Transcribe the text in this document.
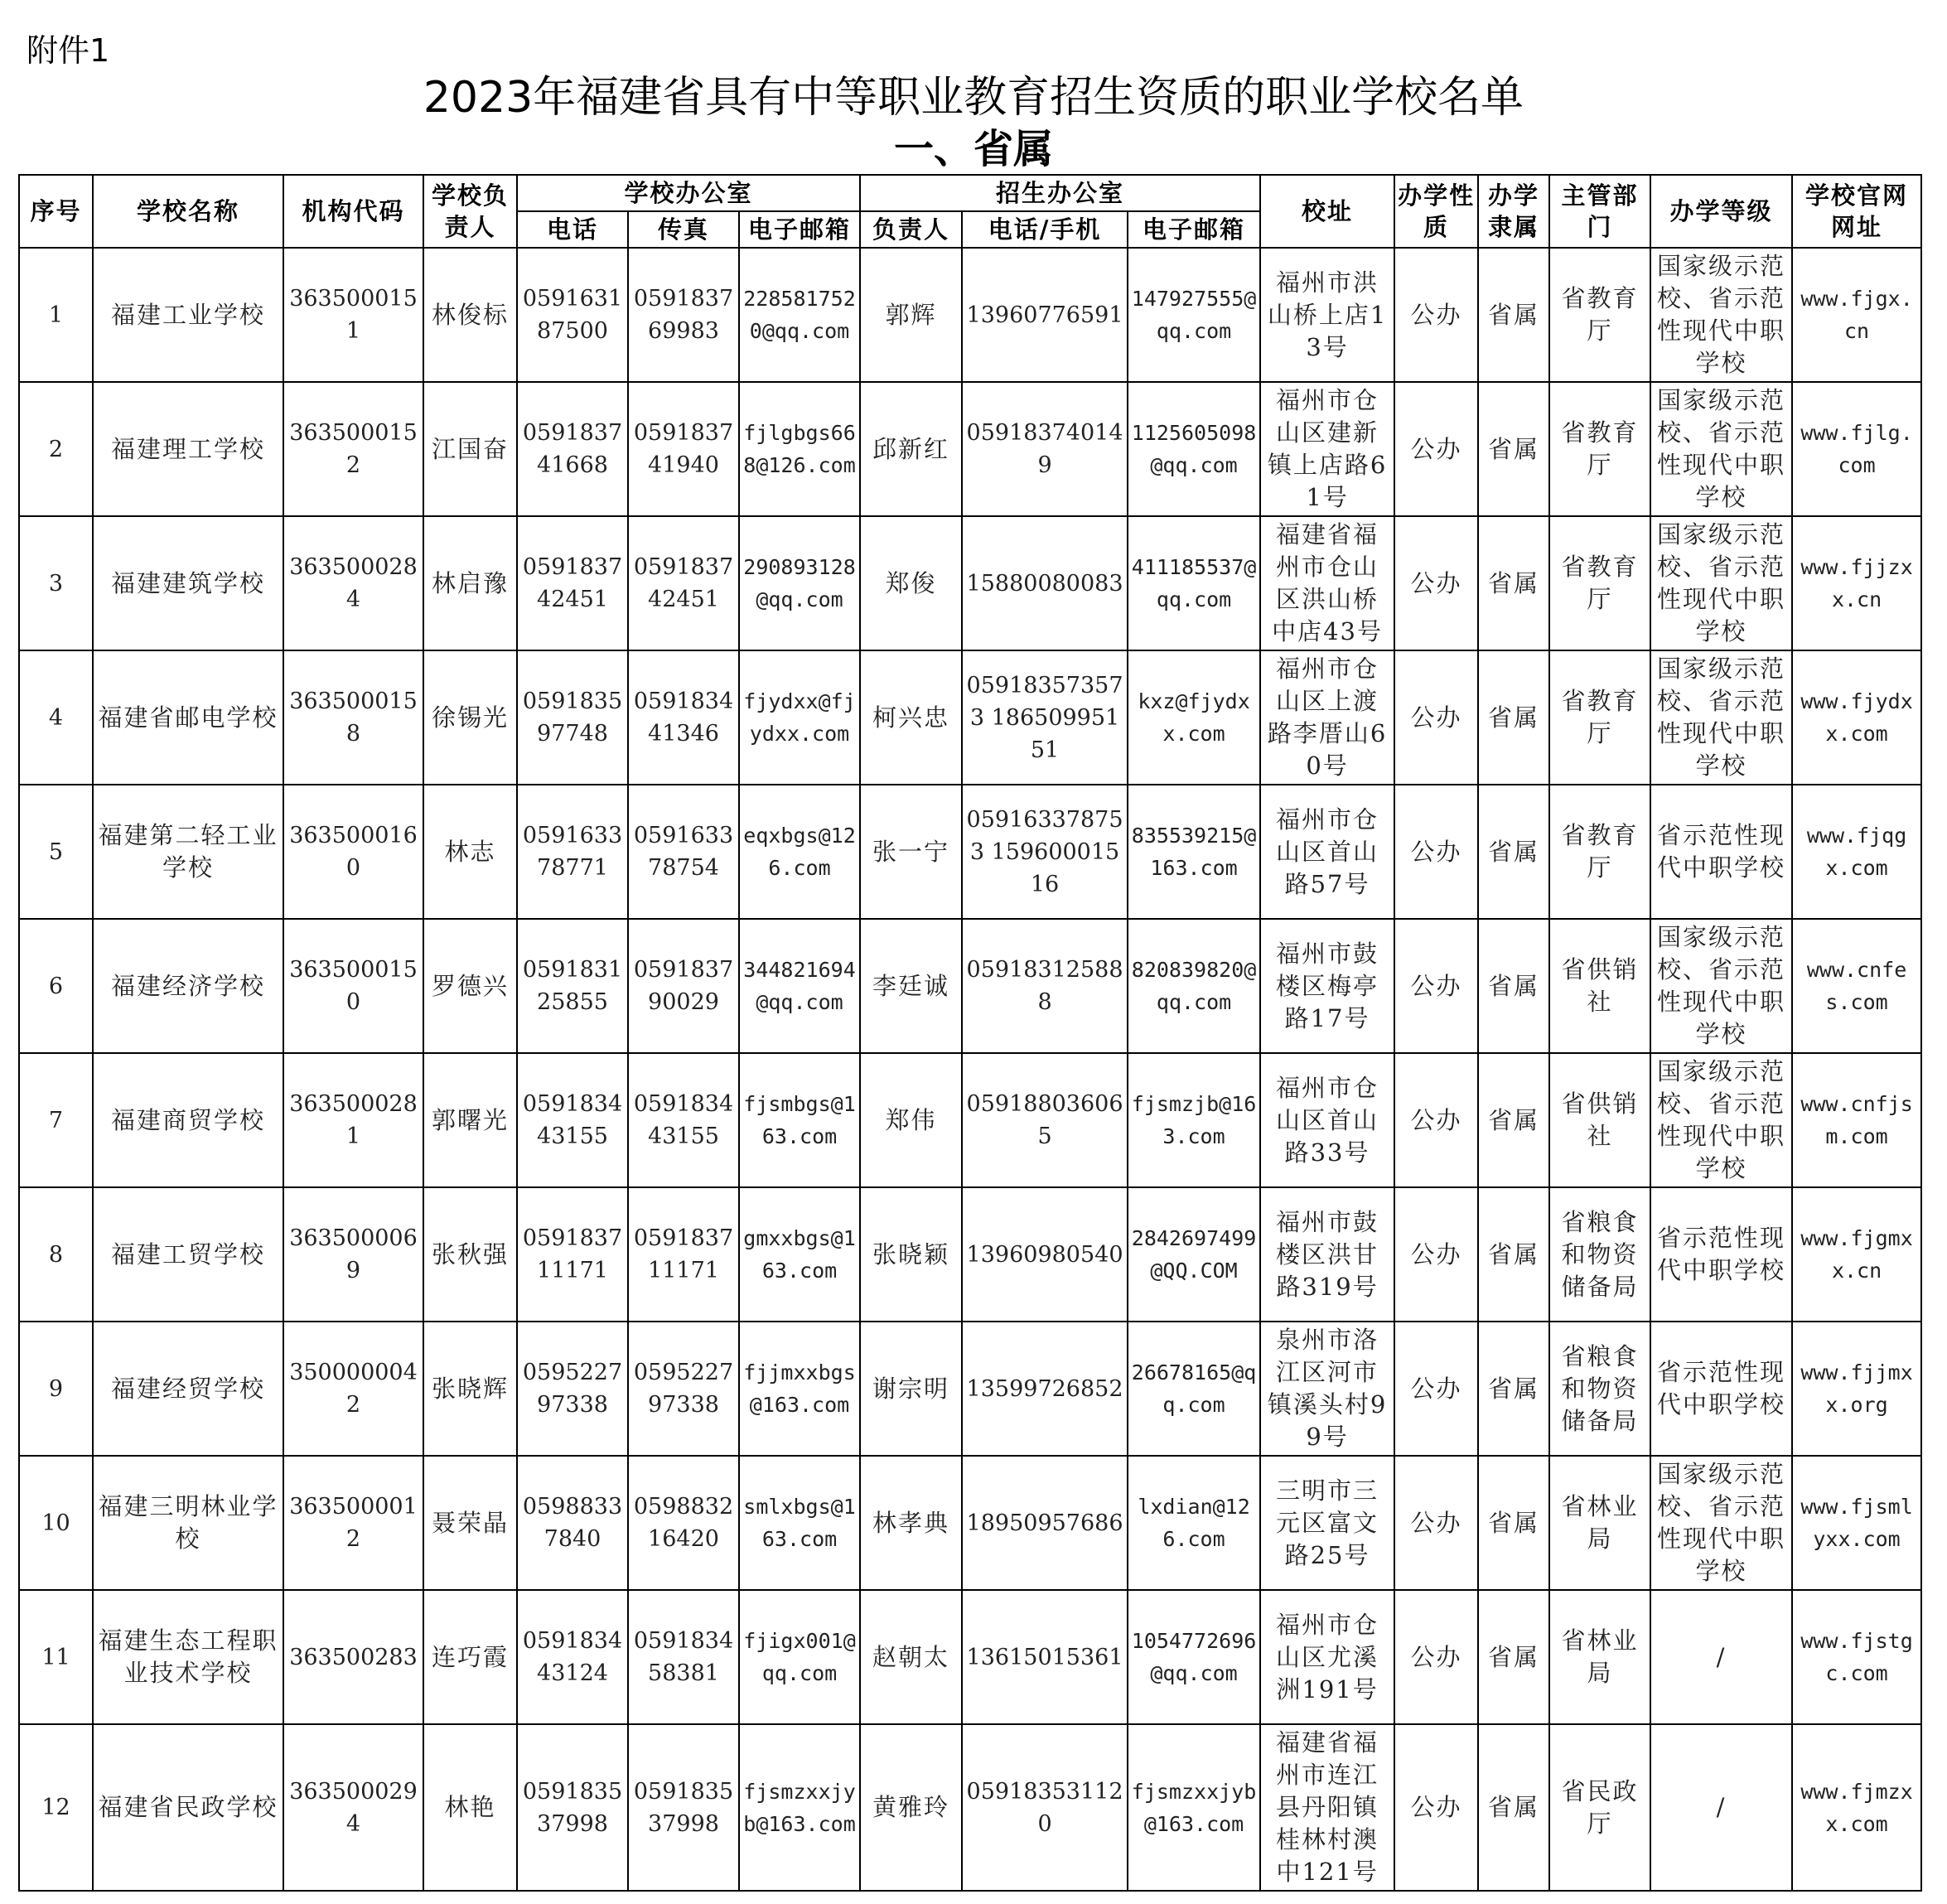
附件1
2023年福建省具有中等职业教育招生资质的职业学校名单
一、省属
序号	学校名称	机构代码	学校负责人	学校办公室			招生办公室			校址	办学性质	办学隶属	主管部门	办学等级	学校官网网址
				电话	传真	电子邮箱	负责人	电话/手机	电子邮箱						
1	福建工业学校	3635000151	林俊标	059163187500	059183769983	2285817520@qq.com	郭辉	13960776591	147927555@qq.com	福州市洪山桥上店13号	公办	省属	省教育厅	国家级示范校、省示范性现代中职学校	www.fjgx.cn
2	福建理工学校	3635000152	江国奋	059183741668	059183741940	fjlgbgs668@126.com	邱新红	059183740149	1125605098@qq.com	福州市仓山区建新镇上店路61号	公办	省属	省教育厅	国家级示范校、省示范性现代中职学校	www.fjlg.com
3	福建建筑学校	3635000284	林启豫	059183742451	059183742451	290893128@qq.com	郑俊	15880080083	411185537@qq.com	福建省福州市仓山区洪山桥中店43号	公办	省属	省教育厅	国家级示范校、省示范性现代中职学校	www.fjjzxx.cn
4	福建省邮电学校	3635000158	徐锡光	059183597748	059183441346	fjydxx@fjydxx.com	柯兴忠	059183573573 18650995151	kxz@fjydxx.com	福州市仓山区上渡路李厝山60号	公办	省属	省教育厅	国家级示范校、省示范性现代中职学校	www.fjydxx.com
5	福建第二轻工业学校	3635000160	林志	059163378771	059163378754	eqxbgs@126.com	张一宁	059163378753 15960001516	835539215@163.com	福州市仓山区首山路57号	公办	省属	省教育厅	省示范性现代中职学校	www.fjqgx.com
6	福建经济学校	3635000150	罗德兴	059183125855	059183790029	344821694@qq.com	李廷诚	059183125888	820839820@qq.com	福州市鼓楼区梅亭路17号	公办	省属	省供销社	国家级示范校、省示范性现代中职学校	www.cnfes.com
7	福建商贸学校	3635000281	郭曙光	059183443155	059183443155	fjsmbgs@163.com	郑伟	059188036065	fjsmzjb@163.com	福州市仓山区首山路33号	公办	省属	省供销社	国家级示范校、省示范性现代中职学校	www.cnfjsm.com
8	福建工贸学校	3635000069	张秋强	059183711171	059183711171	gmxxbgs@163.com	张晓颖	13960980540	2842697499@QQ.COM	福州市鼓楼区洪甘路319号	公办	省属	省粮食和物资储备局	省示范性现代中职学校	www.fjgmxx.cn
9	福建经贸学校	3500000042	张晓辉	059522797338	059522797338	fjjmxxbgs@163.com	谢宗明	13599726852	26678165@qq.com	泉州市洛江区河市镇溪头村99号	公办	省属	省粮食和物资储备局	省示范性现代中职学校	www.fjjmxx.org
10	福建三明林业学校	3635000012	聂荣晶	05988337840	059883216420	smlxbgs@163.com	林孝典	18950957686	lxdian@126.com	三明市三元区富文路25号	公办	省属	省林业局	国家级示范校、省示范性现代中职学校	www.fjsmlyxx.com
11	福建生态工程职业技术学校	363500283	连巧霞	059183443124	059183458381	fjigx001@qq.com	赵朝太	13615015361	1054772696@qq.com	福州市仓山区尤溪洲191号	公办	省属	省林业局	/	www.fjstgc.com
12	福建省民政学校	3635000294	林艳	059183537998	059183537998	fjsmzxxjyb@163.com	黄雅玲	059183531120	fjsmzxxjyb@163.com	福建省福州市连江县丹阳镇桂林村澳中121号	公办	省属	省民政厅	/	www.fjmzxx.com
